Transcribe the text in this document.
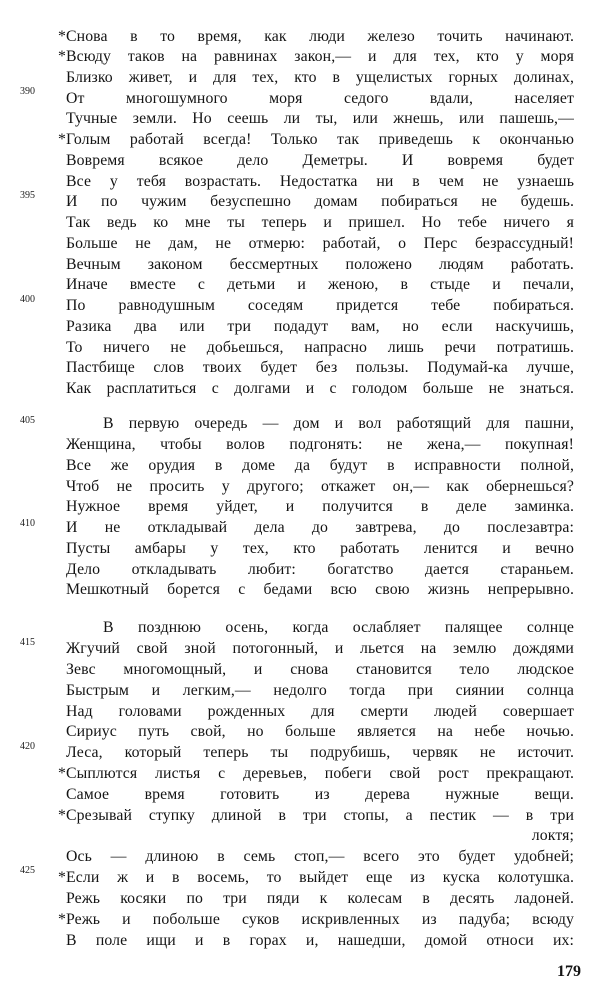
390
395
400
405
410
415
420
425
*Снова в то время, как люди железо точить начинают.
*Всюду таков на равнинах закон,— и для тех, кто у моря
Близко живет, и для тех, кто в ущелистых горных долинах,
От многошумного моря седого вдали, населяет
Тучные земли. Но сеешь ли ты, или жнешь, или пашешь,—
*Голым работай всегда! Только так приведешь к окончанью
Вовремя всякое дело Деметры. И вовремя будет
Все у тебя возрастать. Недостатка ни в чем не узнаешь
И по чужим безуспешно домам побираться не будешь.
Так ведь ко мне ты теперь и пришел. Но тебе ничего я
Больше не дам, не отмерю: работай, о Перс безрассудный!
Вечным законом бессмертных положено людям работать.
Иначе вместе с детьми и женою, в стыде и печали,
По равнодушным соседям придется тебе побираться.
Разика два или три подадут вам, но если наскучишь,
То ничего не добьешься, напрасно лишь речи потратишь.
Пастбище слов твоих будет без пользы. Подумай-ка лучше,
Как расплатиться с долгами и с голодом больше не знаться.
В первую очередь — дом и вол работящий для пашни,
Женщина, чтобы волов подгонять: не жена,— покупная!
Все же орудия в доме да будут в исправности полной,
Чтоб не просить у другого; откажет он,— как обернешься?
Нужное время уйдет, и получится в деле заминка.
И не откладывай дела до завтрева, до послезавтра:
Пусты амбары у тех, кто работать ленится и вечно
Дело откладывать любит: богатство дается стараньем.
Мешкотный борется с бедами всю свою жизнь непрерывно.
В позднюю осень, когда ослабляет палящее солнце
Жгучий свой зной потогонный, и льется на землю дождями
Зевс многомощный, и снова становится тело людское
Быстрым и легким,— недолго тогда при сиянии солнца
Над головами рожденных для смерти людей совершает
Сириус путь свой, но больше является на небе ночью.
Леса, который теперь ты подрубишь, червяк не источит.
*Сыплются листья с деревьев, побеги свой рост прекращают.
Самое время готовить из дерева нужные вещи.
*Срезывай ступку длиной в три стопы, а пестик — в три
локтя;
Ось — длиною в семь стоп,— всего это будет удобней;
*Если ж и в восемь, то выйдет еще из куска колотушка.
Режь косяки по три пяди к колесам в десять ладоней.
*Режь и побольше суков искривленных из падуба; всюду
В поле ищи и в горах и, нашедши, домой относи их:
179
